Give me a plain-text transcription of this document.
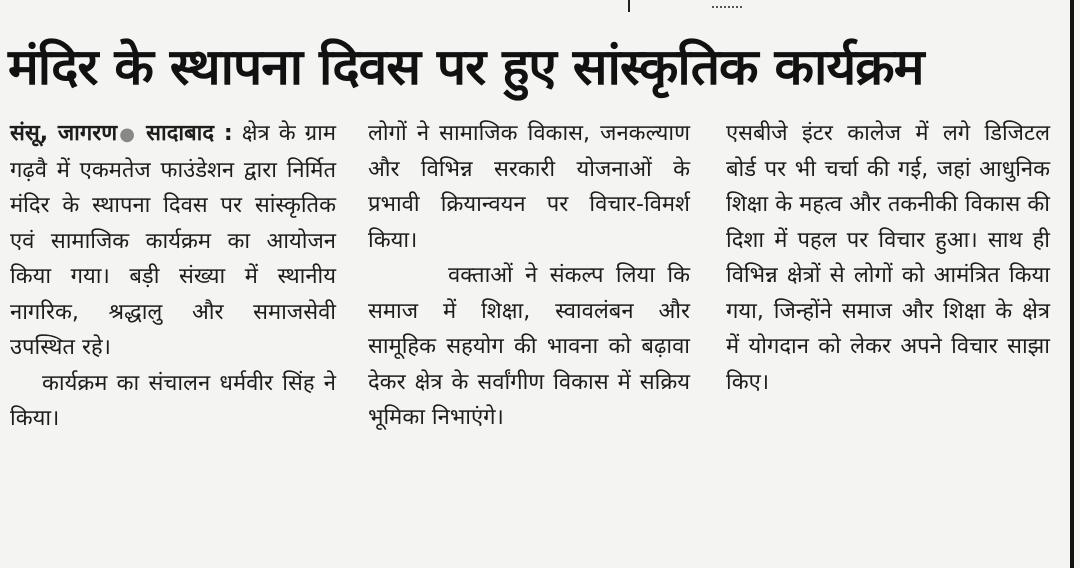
मंदिर के स्थापना दिवस पर हुए सांस्कृतिक कार्यक्रम

संसू, जागरण● सादाबाद : क्षेत्र के ग्राम गढ़वै में एकमतेज फाउंडेशन द्वारा निर्मित मंदिर के स्थापना दिवस पर सांस्कृतिक एवं सामाजिक कार्यक्रम का आयोजन किया गया। बड़ी संख्या में स्थानीय नागरिक, श्रद्धालु और समाजसेवी उपस्थित रहे।

कार्यक्रम का संचालन धर्मवीर सिंह ने किया।

लोगों ने सामाजिक विकास, जनकल्याण और विभिन्न सरकारी योजनाओं के प्रभावी क्रियान्वयन पर विचार-विमर्श किया।

वक्ताओं ने संकल्प लिया कि समाज में शिक्षा, स्वावलंबन और सामूहिक सहयोग की भावना को बढ़ावा देकर क्षेत्र के सर्वांगीण विकास में सक्रिय भूमिका निभाएंगे।

एसबीजे इंटर कालेज में लगे डिजिटल बोर्ड पर भी चर्चा की गई, जहां आधुनिक शिक्षा के महत्व और तकनीकी विकास की दिशा में पहल पर विचार हुआ। साथ ही विभिन्न क्षेत्रों से लोगों को आमंत्रित किया गया, जिन्होंने समाज और शिक्षा के क्षेत्र में योगदान को लेकर अपने विचार साझा किए।
